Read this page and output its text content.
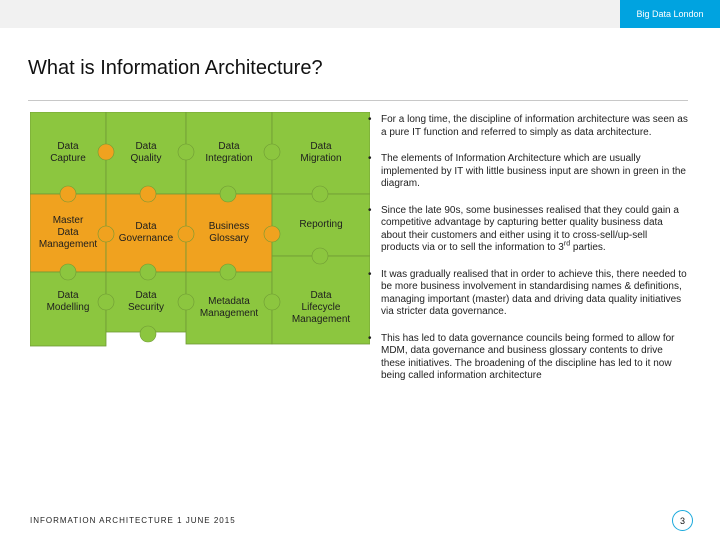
Big Data London
What is Information Architecture?
Data
Capture
Data
Quality
Data
Integration
Data
Migration
Master
Data
Management
Data
Governance
Business
Glossary
Reporting
Data
Modelling
Data
Security
Metadata
Management
Data
Lifecycle
Management
• For a long time, the discipline of information architecture was seen as a pure IT function and referred to simply as data architecture.
• The elements of Information Architecture which are usually implemented by IT with little business input are shown in green in the diagram.
• Since the late 90s, some businesses realised that they could gain a competitive advantage by capturing better quality business data about their customers and either using it to cross-sell/up-sell products via or to sell the information to 3rd parties.
• It was gradually realised that in order to achieve this, there needed to be more business involvement in standardising names & definitions, managing important (master) data and driving data quality initiatives via stricter data governance.
• This has led to data governance councils being formed to allow for MDM, data governance and business glossary contents to drive these initiatives. The broadening of the discipline has led to it now being called information architecture
INFORMATION ARCHITECTURE 1 JUNE 2015	3
